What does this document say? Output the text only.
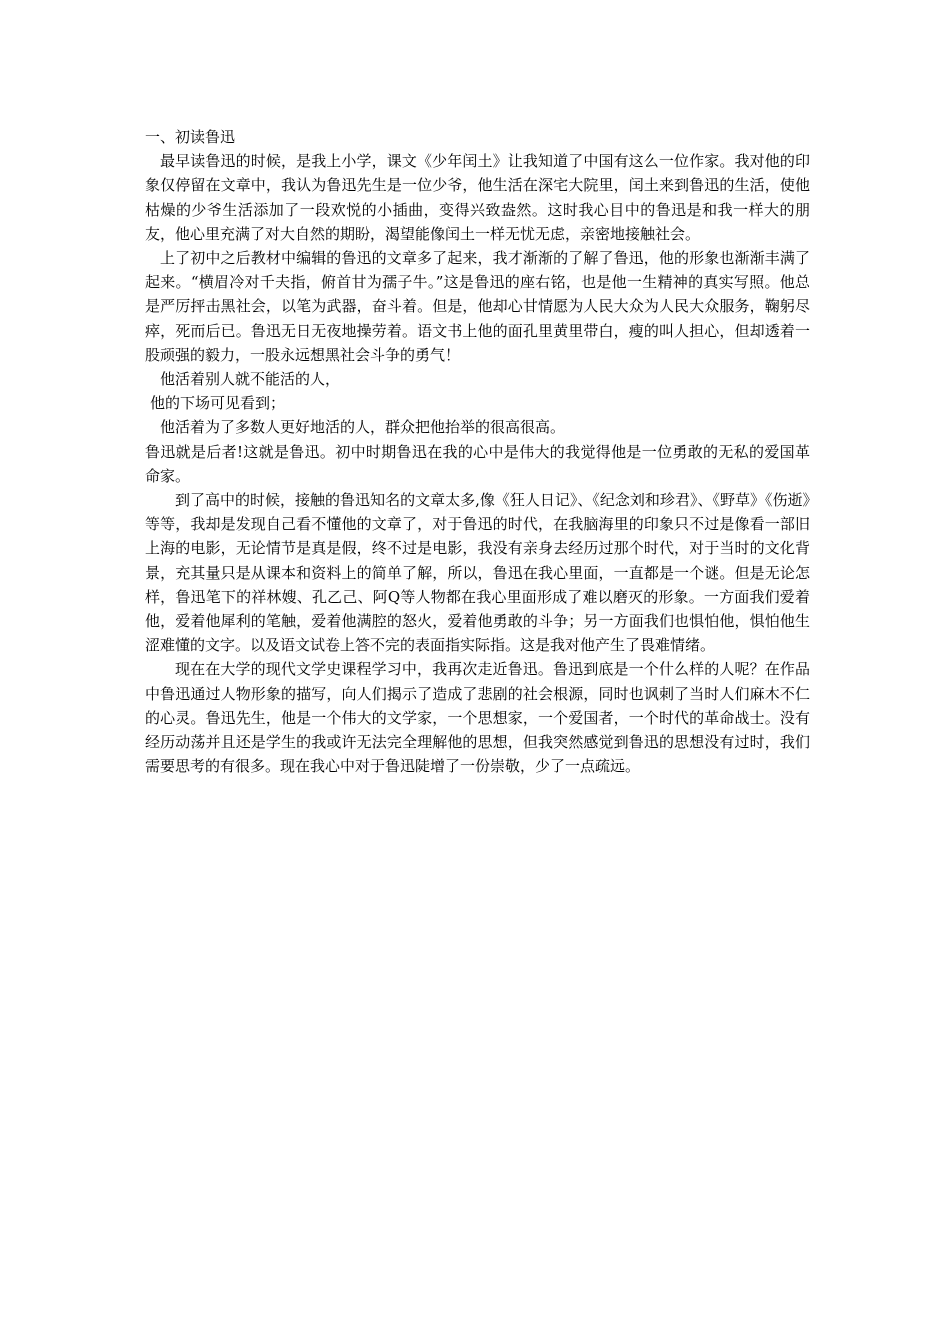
一、初读鲁迅

最早读鲁迅的时候，是我上小学，课文《少年闰土》让我知道了中国有这么一位作家。我对他的印象仅停留在文章中，我认为鲁迅先生是一位少爷，他生活在深宅大院里，闰土来到鲁迅的生活，使他枯燥的少爷生活添加了一段欢悦的小插曲，变得兴致盎然。这时我心目中的鲁迅是和我一样大的朋友，他心里充满了对大自然的期盼，渴望能像闰土一样无忧无虑，亲密地接触社会。

上了初中之后教材中编辑的鲁迅的文章多了起来，我才渐渐的了解了鲁迅，他的形象也渐渐丰满了起来。“横眉冷对千夫指，俯首甘为孺子牛。”这是鲁迅的座右铭，也是他一生精神的真实写照。他总是严厉抨击黑社会，以笔为武器，奋斗着。但是，他却心甘情愿为人民大众为人民大众服务，鞠躬尽瘁，死而后已。鲁迅无日无夜地操劳着。语文书上他的面孔里黄里带白，瘦的叫人担心，但却透着一股顽强的毅力，一股永远想黑社会斗争的勇气！

他活着别人就不能活的人，

他的下场可见看到；

他活着为了多数人更好地活的人，群众把他抬举的很高很高。

鲁迅就是后者!这就是鲁迅。初中时期鲁迅在我的心中是伟大的我觉得他是一位勇敢的无私的爱国革命家。

到了高中的时候，接触的鲁迅知名的文章太多,像《狂人日记》、《纪念刘和珍君》、《野草》《伤逝》等等，我却是发现自己看不懂他的文章了，对于鲁迅的时代，在我脑海里的印象只不过是像看一部旧上海的电影，无论情节是真是假，终不过是电影，我没有亲身去经历过那个时代，对于当时的文化背景，充其量只是从课本和资料上的简单了解，所以，鲁迅在我心里面，一直都是一个谜。但是无论怎样，鲁迅笔下的祥林嫂、孔乙己、阿Q等人物都在我心里面形成了难以磨灭的形象。一方面我们爱着他，爱着他犀利的笔触，爱着他满腔的怒火，爱着他勇敢的斗争；另一方面我们也惧怕他，惧怕他生涩难懂的文字。以及语文试卷上答不完的表面指实际指。这是我对他产生了畏难情绪。

现在在大学的现代文学史课程学习中，我再次走近鲁迅。鲁迅到底是一个什么样的人呢？在作品中鲁迅通过人物形象的描写，向人们揭示了造成了悲剧的社会根源，同时也讽刺了当时人们麻木不仁的心灵。鲁迅先生，他是一个伟大的文学家，一个思想家，一个爱国者，一个时代的革命战士。没有经历动荡并且还是学生的我或许无法完全理解他的思想，但我突然感觉到鲁迅的思想没有过时，我们需要思考的有很多。现在我心中对于鲁迅陡增了一份崇敬，少了一点疏远。
